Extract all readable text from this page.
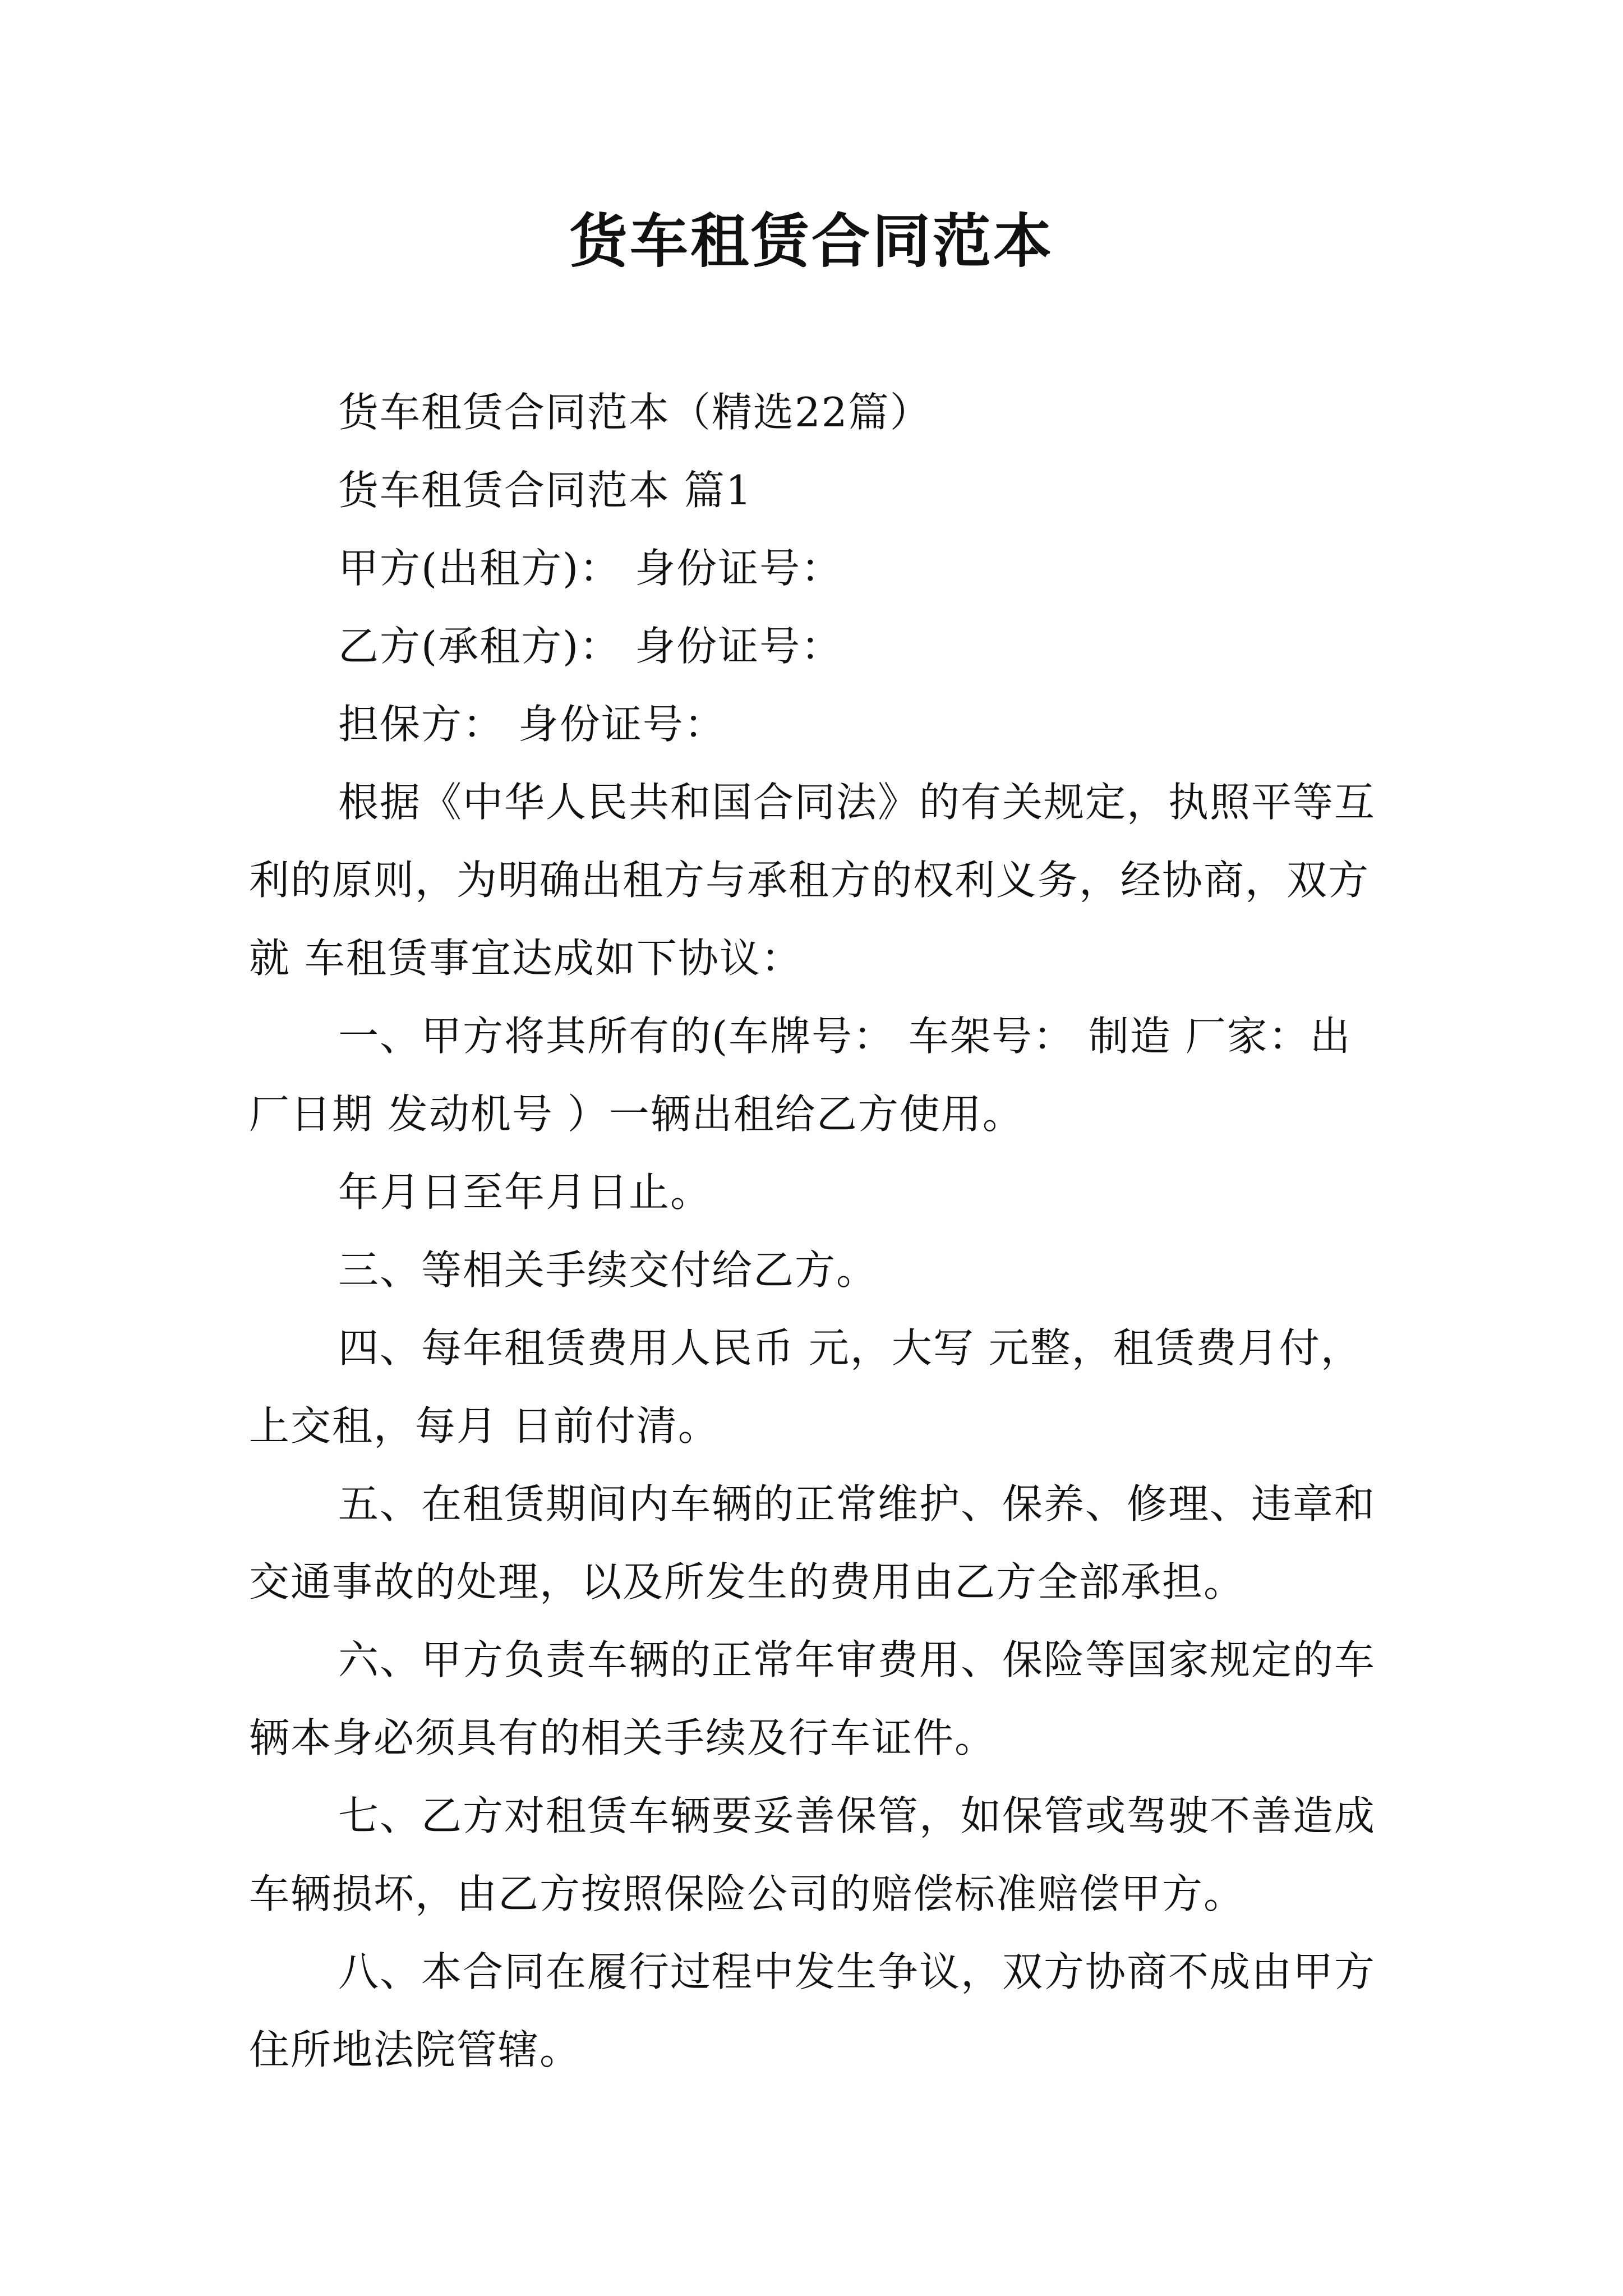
货车租赁合同范本

货车租赁合同范本（精选22篇）

货车租赁合同范本 篇1

甲方(出租方)： 身份证号：

乙方(承租方)： 身份证号：

担保方： 身份证号：

根据《中华人民共和国合同法》的有关规定，执照平等互利的原则，为明确出租方与承租方的权利义务，经协商，双方就 车租赁事宜达成如下协议：

一、甲方将其所有的(车牌号： 车架号： 制造 厂家：出厂日期 发动机号 ）一辆出租给乙方使用。

年月日至年月日止。

三、等相关手续交付给乙方。

四、每年租赁费用人民币 元，大写 元整，租赁费月付，上交租，每月 日前付清。

五、在租赁期间内车辆的正常维护、保养、修理、违章和交通事故的处理，以及所发生的费用由乙方全部承担。

六、甲方负责车辆的正常年审费用、保险等国家规定的车辆本身必须具有的相关手续及行车证件。

七、乙方对租赁车辆要妥善保管，如保管或驾驶不善造成车辆损坏，由乙方按照保险公司的赔偿标准赔偿甲方。

八、本合同在履行过程中发生争议，双方协商不成由甲方住所地法院管辖。
